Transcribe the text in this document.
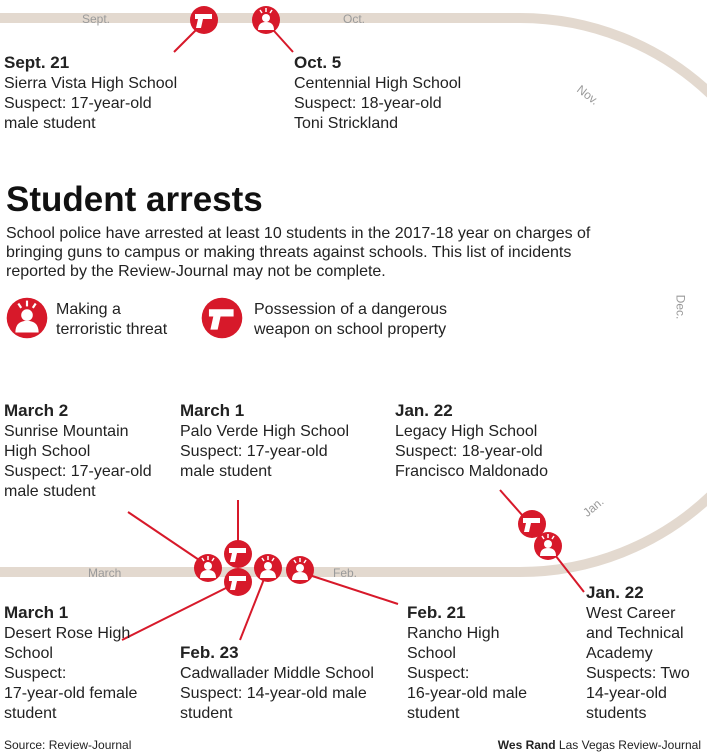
Sept.	Oct.
Nov.
Dec.
Jan.
Feb.
March
Student arrests

School police have arrested at least 10 students in the 2017-18 year on charges of bringing guns to campus or making threats against schools. This list of incidents reported by the Review-Journal may not be complete.

Making a
terroristic threat
Possession of a dangerous
weapon on school property
Sept. 21
Sierra Vista High School
Suspect: 17-year-old
male student
Oct. 5
Centennial High School
Suspect: 18-year-old
Toni Strickland
March 2
Sunrise Mountain
High School
Suspect: 17-year-old
male student
March 1
Palo Verde High School
Suspect: 17-year-old
male student
Jan. 22
Legacy High School
Suspect: 18-year-old
Francisco Maldonado
March 1
Desert Rose High
School
Suspect:
17-year-old female
student
Feb. 23
Cadwallader Middle School
Suspect: 14-year-old male
student
Feb. 21
Rancho High
School
Suspect:
16-year-old male
student
Jan. 22
West Career
and Technical
Academy
Suspects: Two
14-year-old
students
Source: Review-Journal	Wes Rand Las Vegas Review-Journal
